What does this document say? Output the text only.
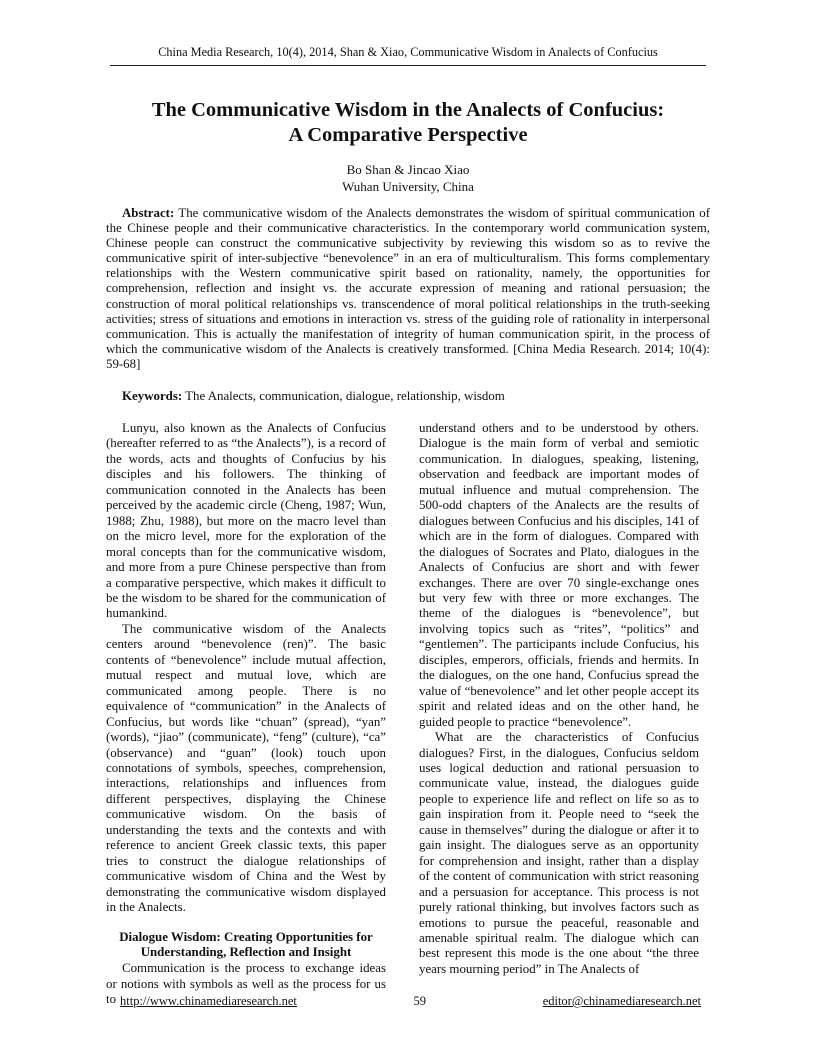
China Media Research, 10(4), 2014, Shan & Xiao, Communicative Wisdom in Analects of Confucius
The Communicative Wisdom in the Analects of Confucius:
A Comparative Perspective
Bo Shan & Jincao Xiao
Wuhan University, China
Abstract: The communicative wisdom of the Analects demonstrates the wisdom of spiritual communication of the Chinese people and their communicative characteristics. In the contemporary world communication system, Chinese people can construct the communicative subjectivity by reviewing this wisdom so as to revive the communicative spirit of inter-subjective “benevolence” in an era of multiculturalism. This forms complementary relationships with the Western communicative spirit based on rationality, namely, the opportunities for comprehension, reflection and insight vs. the accurate expression of meaning and rational persuasion; the construction of moral political relationships vs. transcendence of moral political relationships in the truth-seeking activities; stress of situations and emotions in interaction vs. stress of the guiding role of rationality in interpersonal communication. This is actually the manifestation of integrity of human communication spirit, in the process of which the communicative wisdom of the Analects is creatively transformed. [China Media Research. 2014; 10(4): 59-68]
Keywords: The Analects, communication, dialogue, relationship, wisdom

Lunyu, also known as the Analects of Confucius (hereafter referred to as “the Analects”), is a record of the words, acts and thoughts of Confucius by his disciples and his followers. The thinking of communication connoted in the Analects has been perceived by the academic circle (Cheng, 1987; Wun, 1988; Zhu, 1988), but more on the macro level than on the micro level, more for the exploration of the moral concepts than for the communicative wisdom, and more from a pure Chinese perspective than from a comparative perspective, which makes it difficult to be the wisdom to be shared for the communication of humankind.

The communicative wisdom of the Analects centers around “benevolence (ren)”. The basic contents of “benevolence” include mutual affection, mutual respect and mutual love, which are communicated among people. There is no equivalence of “communication” in the Analects of Confucius, but words like “chuan” (spread), “yan” (words), “jiao” (communicate), “feng” (culture), “ca” (observance) and “guan” (look) touch upon connotations of symbols, speeches, comprehension, interactions, relationships and influences from different perspectives, displaying the Chinese communicative wisdom. On the basis of understanding the texts and the contexts and with reference to ancient Greek classic texts, this paper tries to construct the dialogue relationships of communicative wisdom of China and the West by demonstrating the communicative wisdom displayed in the Analects.

Dialogue Wisdom: Creating Opportunities for
Understanding, Reflection and Insight

Communication is the process to exchange ideas or notions with symbols as well as the process for us to

understand others and to be understood by others. Dialogue is the main form of verbal and semiotic communication. In dialogues, speaking, listening, observation and feedback are important modes of mutual influence and mutual comprehension. The 500-odd chapters of the Analects are the results of dialogues between Confucius and his disciples, 141 of which are in the form of dialogues. Compared with the dialogues of Socrates and Plato, dialogues in the Analects of Confucius are short and with fewer exchanges. There are over 70 single-exchange ones but very few with three or more exchanges. The theme of the dialogues is “benevolence”, but involving topics such as “rites”, “politics” and “gentlemen”. The participants include Confucius, his disciples, emperors, officials, friends and hermits. In the dialogues, on the one hand, Confucius spread the value of “benevolence” and let other people accept its spirit and related ideas and on the other hand, he guided people to practice “benevolence”.

What are the characteristics of Confucius dialogues? First, in the dialogues, Confucius seldom uses logical deduction and rational persuasion to communicate value, instead, the dialogues guide people to experience life and reflect on life so as to gain inspiration from it. People need to “seek the cause in themselves” during the dialogue or after it to gain insight. The dialogues serve as an opportunity for comprehension and insight, rather than a display of the content of communication with strict reasoning and a persuasion for acceptance. This process is not purely rational thinking, but involves factors such as emotions to pursue the peaceful, reasonable and amenable spiritual realm. The dialogue which can best represent this mode is the one about “the three years mourning period” in The Analects of

http://www.chinamediaresearch.net	59	editor@chinamediaresearch.net
